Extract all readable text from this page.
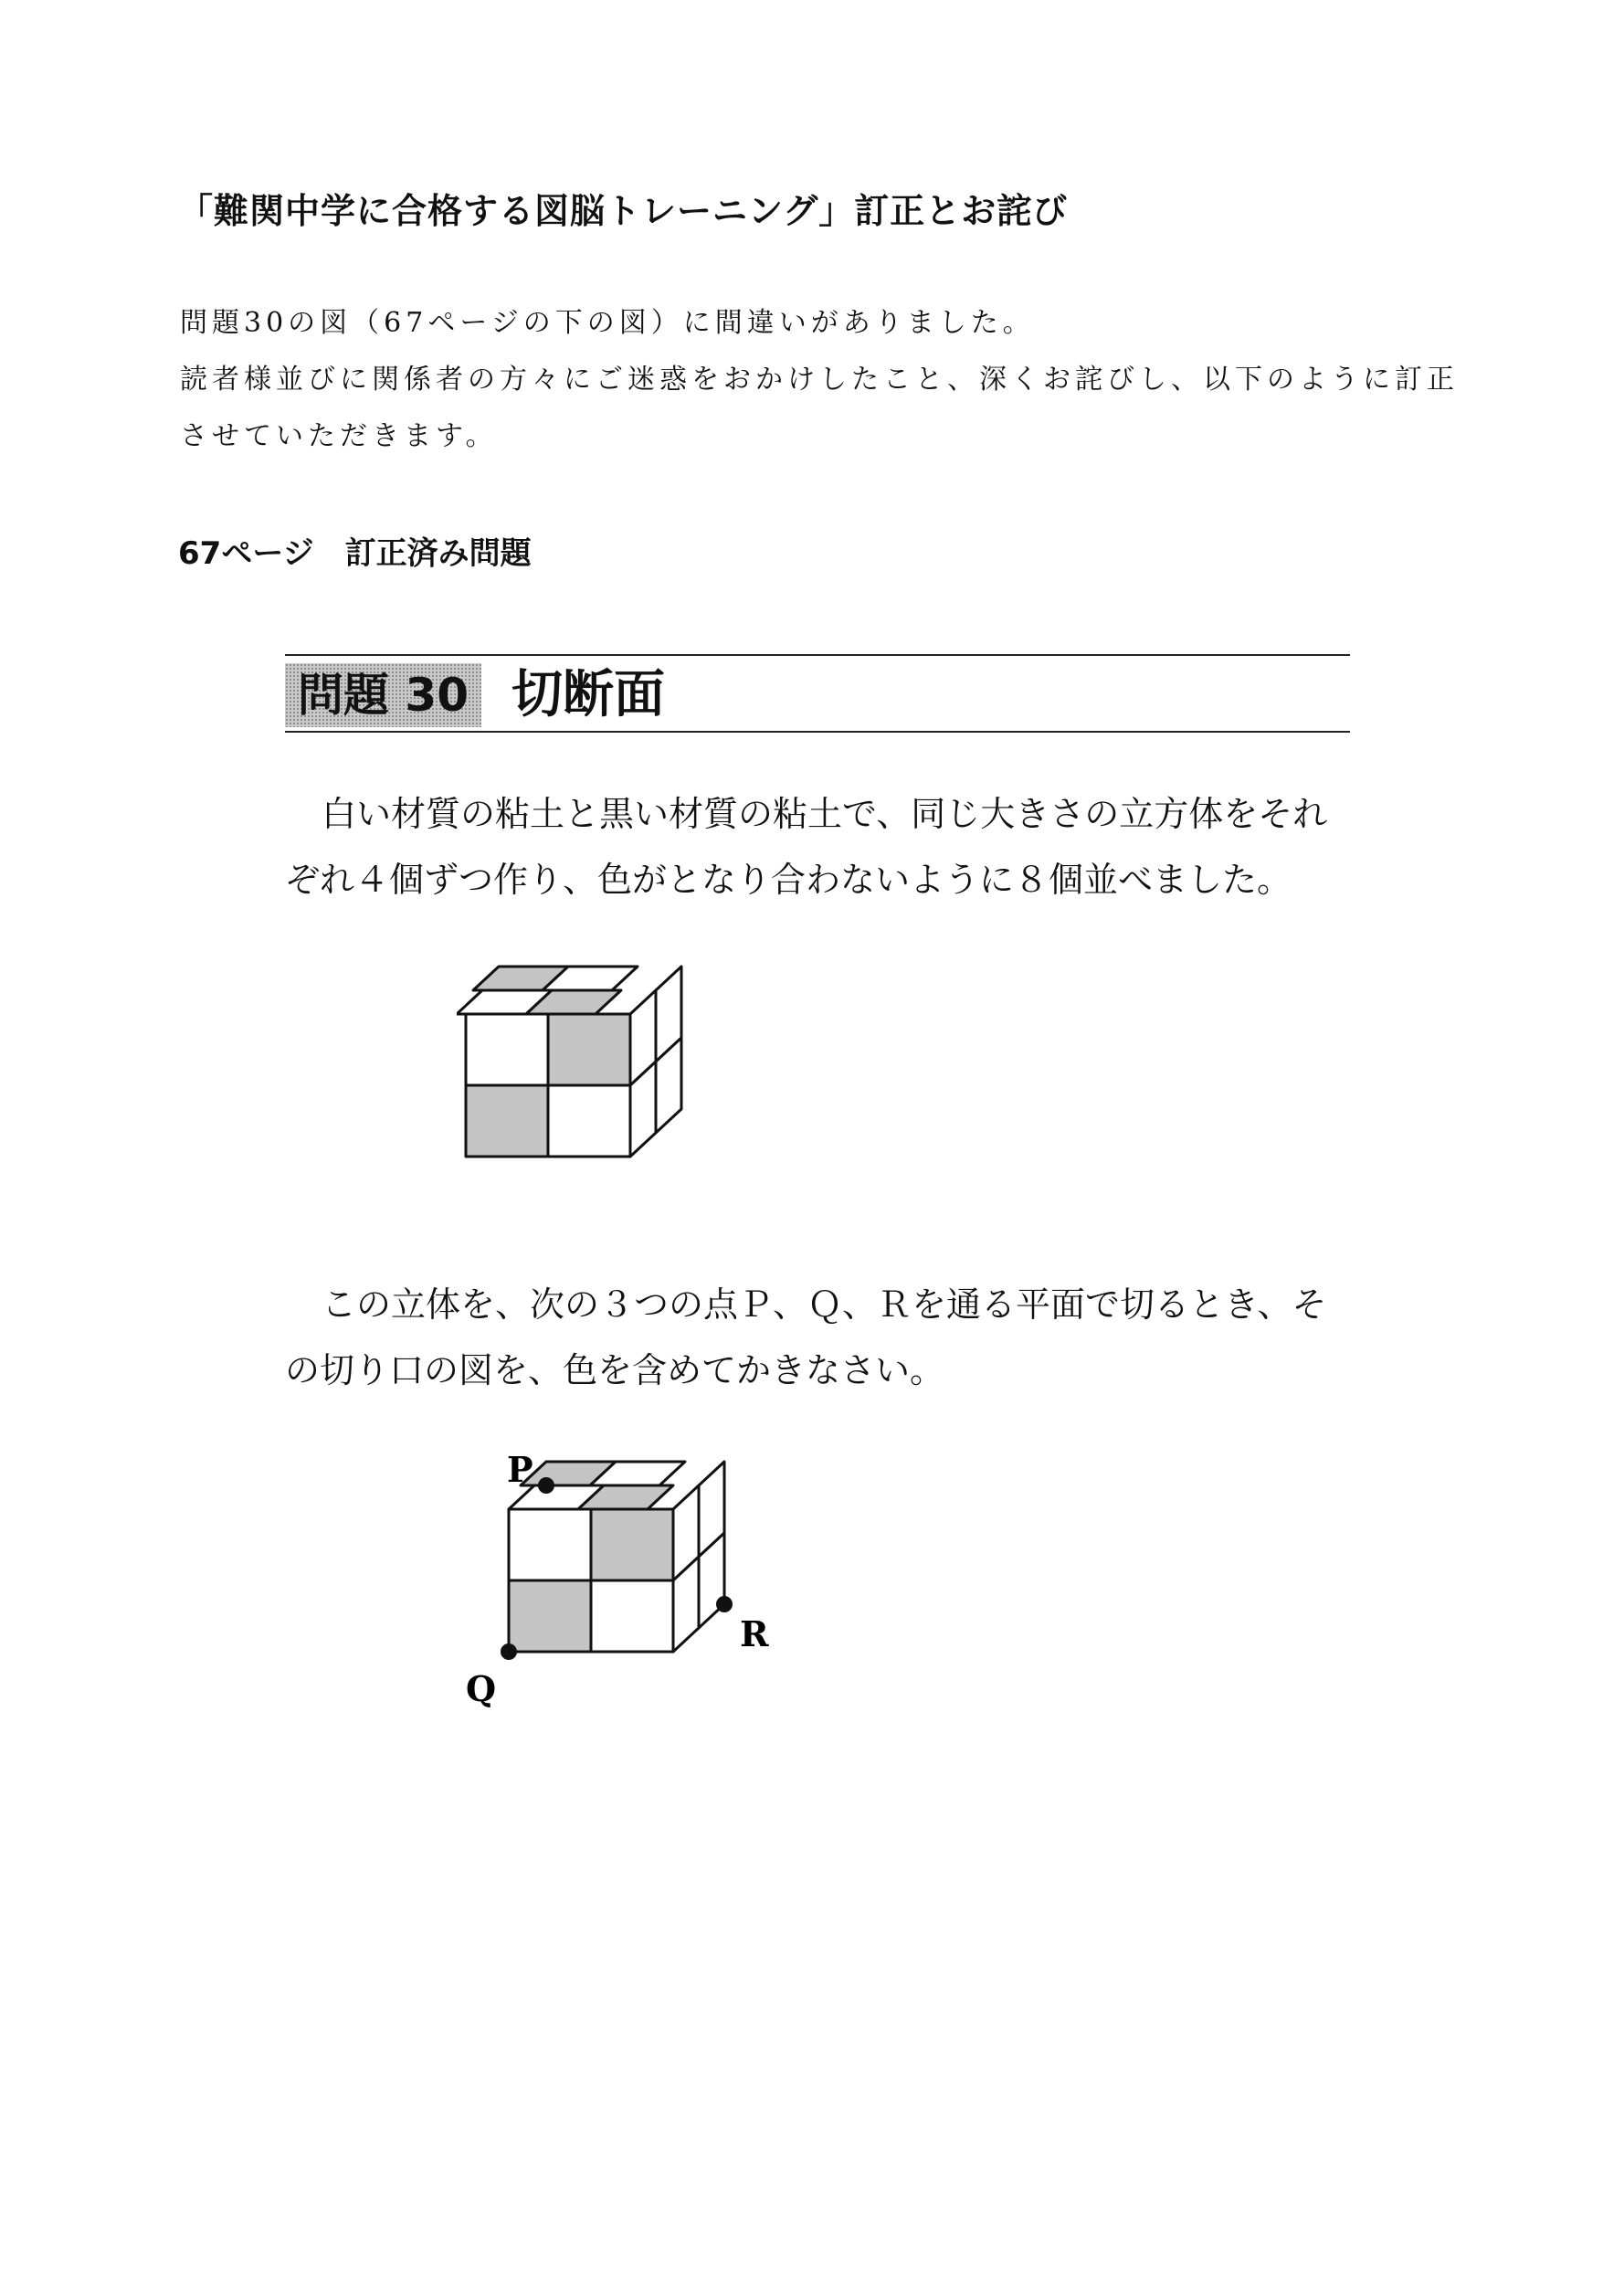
「難関中学に合格する図脳トレーニング」訂正とお詫び
問題30の図（67ページの下の図）に間違いがありました。
読者様並びに関係者の方々にご迷惑をおかけしたこと、深くお詫びし、以下のように訂正
させていただきます。
67ページ　訂正済み問題
問題 30 切断面
白い材質の粘土と黒い材質の粘土で、同じ大きさの立方体をそれ
ぞれ４個ずつ作り、色がとなり合わないように８個並べました。
この立体を、次の３つの点Ｐ、Ｑ、Ｒを通る平面で切るとき、そ
の切り口の図を、色を含めてかきなさい。
P
Q
R
